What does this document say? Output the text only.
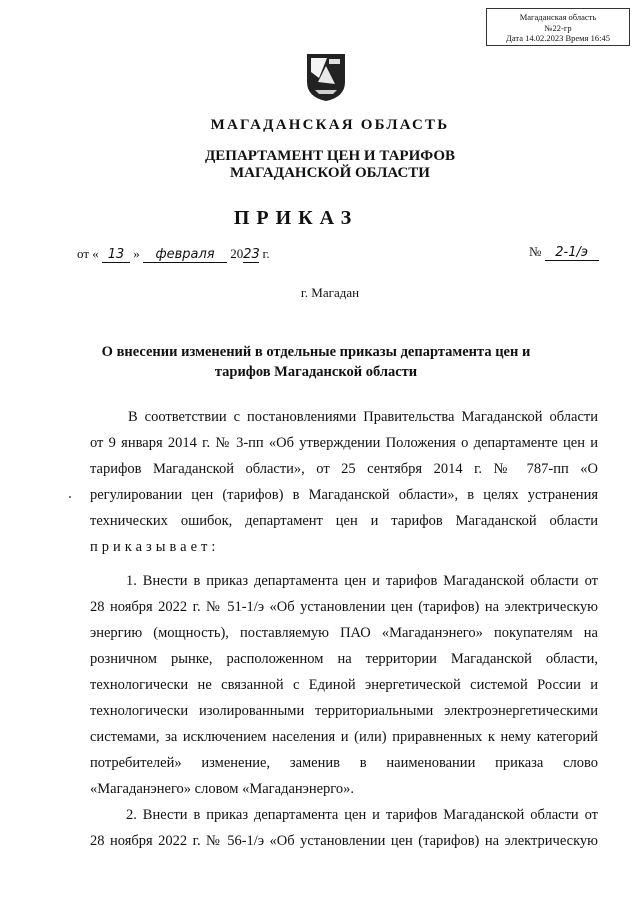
Магаданская область
№22-гр
Дата 14.02.2023 Время 16:45
МАГАДАНСКАЯ ОБЛАСТЬ
ДЕПАРТАМЕНТ ЦЕН И ТАРИФОВ
МАГАДАНСКОЙ ОБЛАСТИ
ПРИКАЗ
от « 13 » февраля 2023 г.	№ 2-1/э
г. Магадан
О внесении изменений в отдельные приказы департамента цен и
тарифов Магаданской области
В соответствии с постановлениями Правительства Магаданской области
от 9 января 2014 г. № 3-пп «Об утверждении Положения о департаменте цен и
тарифов Магаданской области», от 25 сентября 2014 г. № 787-пп «О
регулировании цен (тарифов) в Магаданской области», в целях устранения
технических ошибок, департамент цен и тарифов Магаданской области
приказывает:
1. Внести в приказ департамента цен и тарифов Магаданской области от
28 ноября 2022 г. № 51-1/э «Об установлении цен (тарифов) на электрическую
энергию (мощность), поставляемую ПАО «Магаданэнего» покупателям на
розничном рынке, расположенном на территории Магаданской области,
технологически не связанной с Единой энергетической системой России и
технологически изолированными территориальными электроэнергетическими
системами, за исключением населения и (или) приравненных к нему категорий
потребителей» изменение, заменив в наименовании приказа слово
«Магаданэнего» словом «Магаданэнерго».
2. Внести в приказ департамента цен и тарифов Магаданской области от
28 ноября 2022 г. № 56-1/э «Об установлении цен (тарифов) на электрическую
